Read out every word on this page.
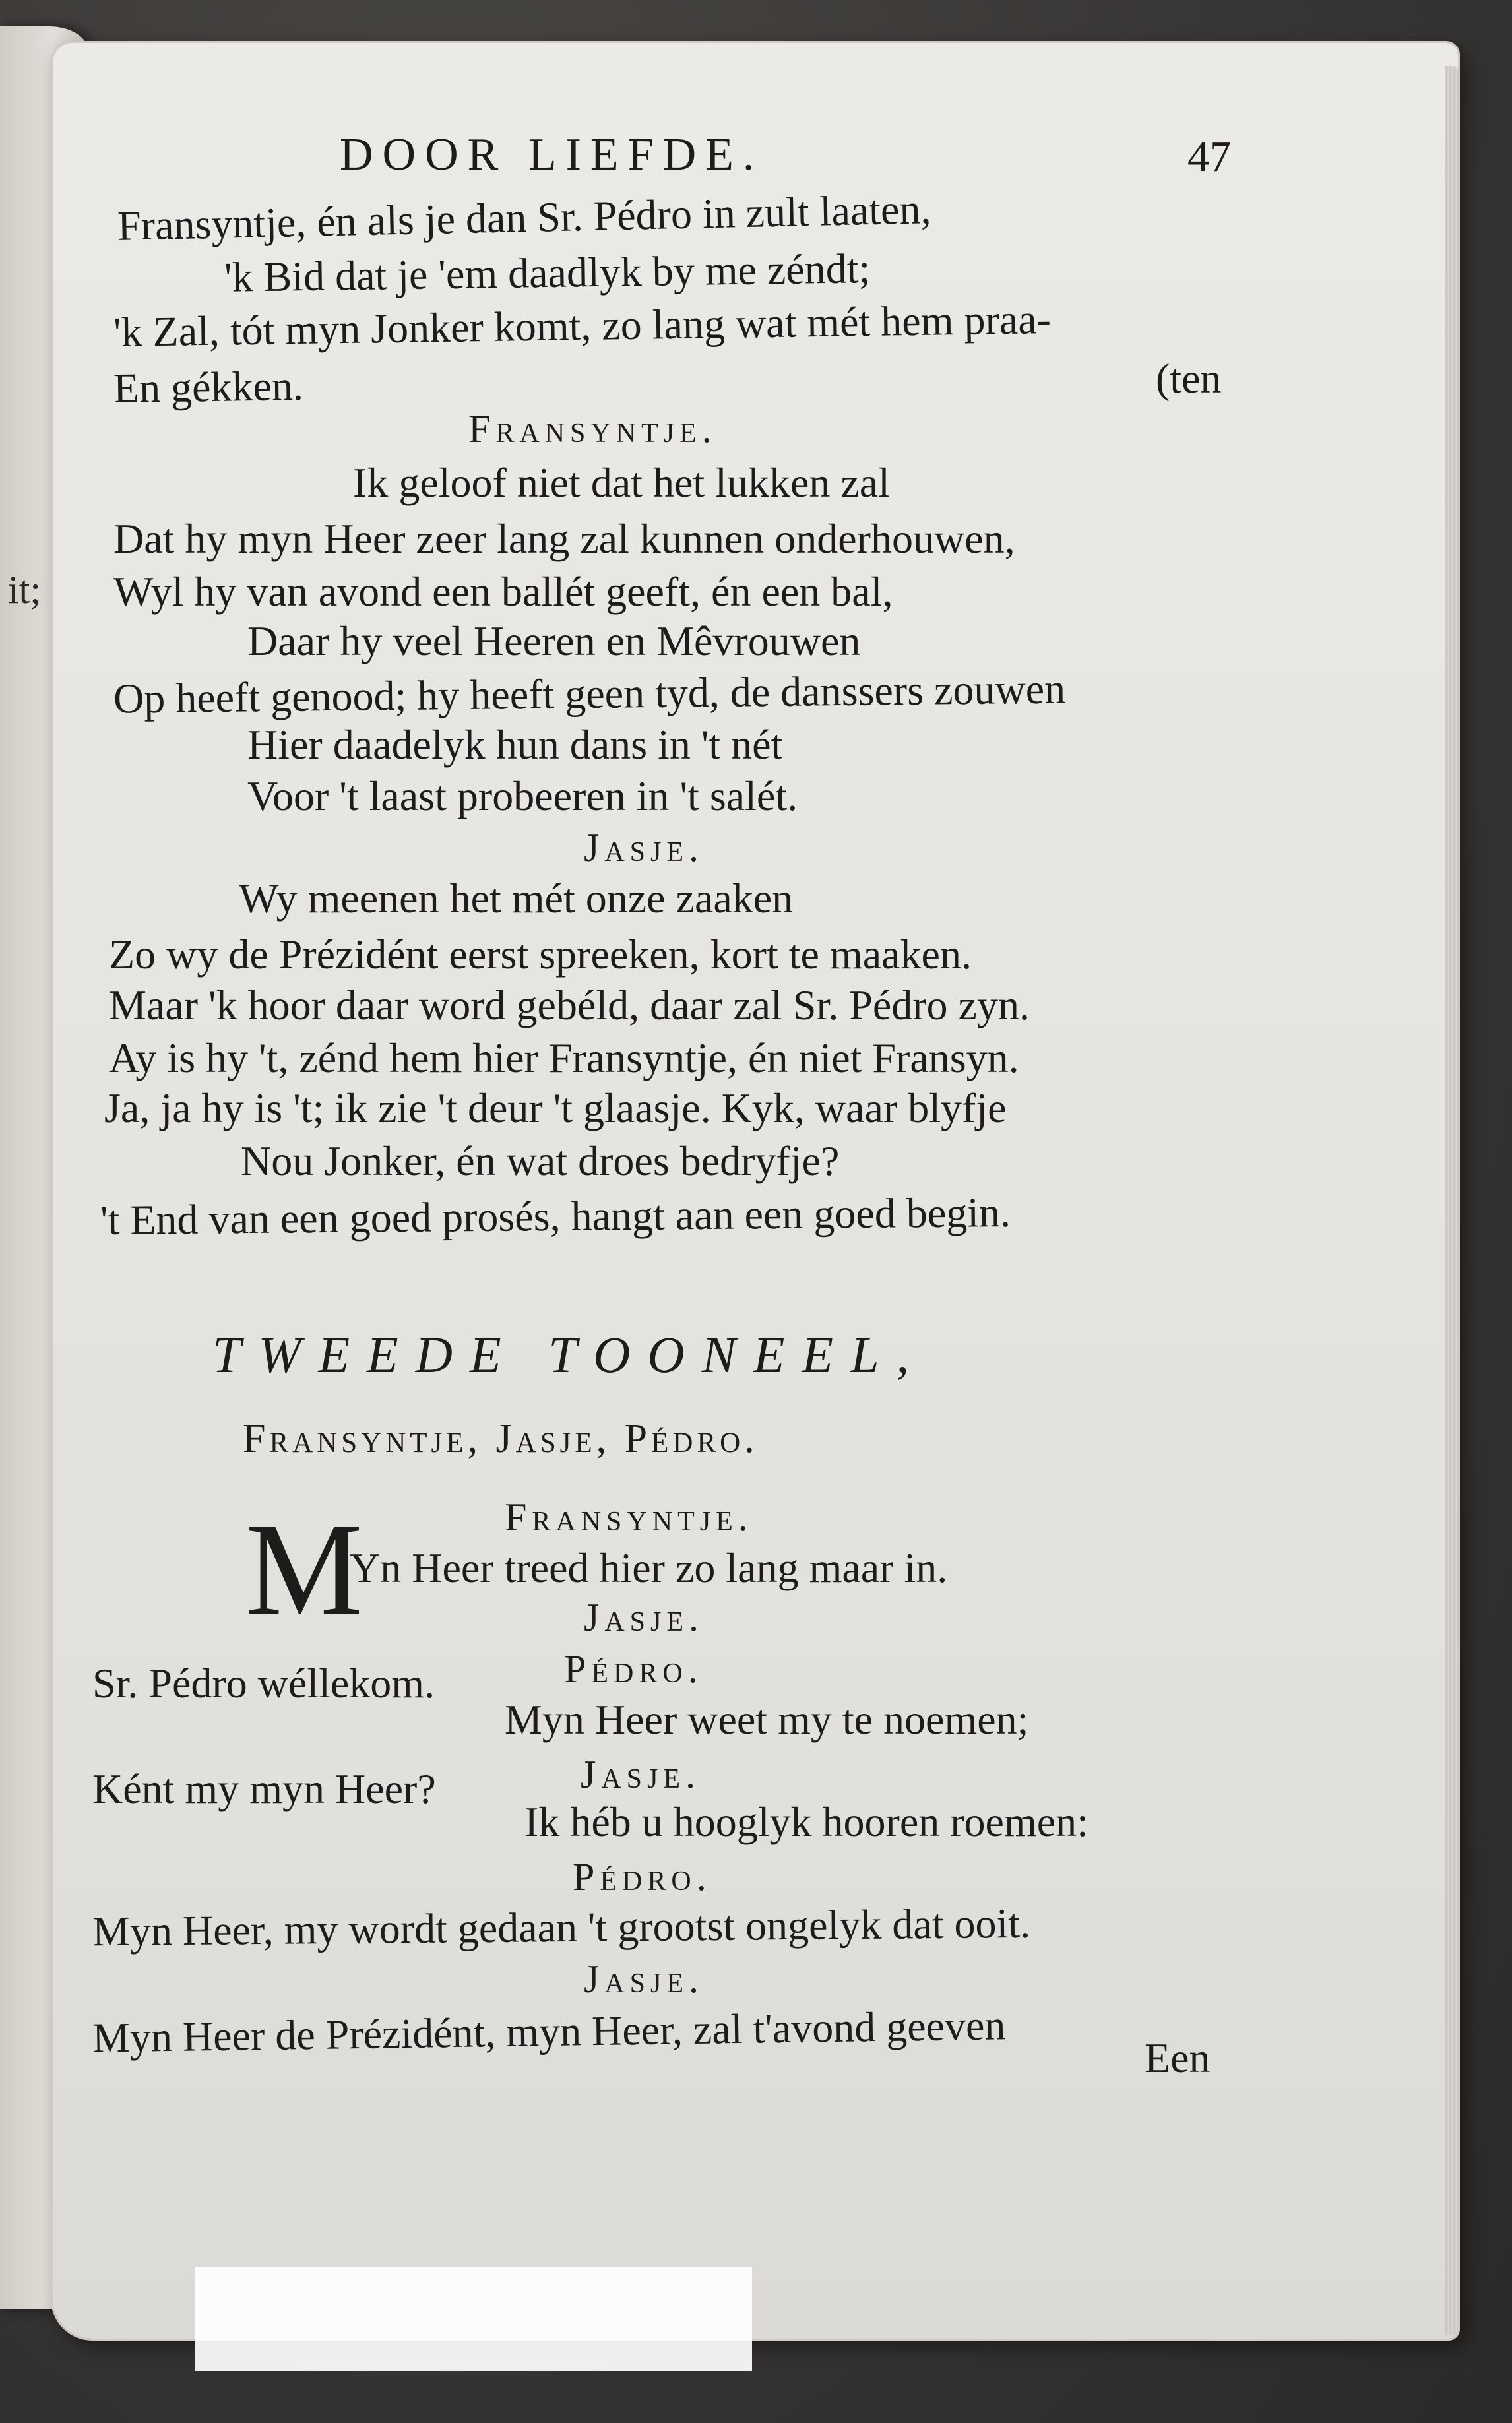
it;
DOOR LIEFDE.	47
Fransyntje, én als je dan Sr. Pédro in zult laaten,
'k Bid dat je 'em daadlyk by me zéndt;
'k Zal, tót myn Jonker komt, zo lang wat mét hem praa-
En gékken.	(ten
Fransyntje.
Ik geloof niet dat het lukken zal
Dat hy myn Heer zeer lang zal kunnen onderhouwen,
Wyl hy van avond een ballét geeft, én een bal,
Daar hy veel Heeren en Mêvrouwen
Op heeft genood; hy heeft geen tyd, de danssers zouwen
Hier daadelyk hun dans in 't nét
Voor 't laast probeeren in 't salét.
Jasje.
Wy meenen het mét onze zaaken
Zo wy de Prézidént eerst spreeken, kort te maaken.
Maar 'k hoor daar word gebéld, daar zal Sr. Pédro zyn.
Ay is hy 't, zénd hem hier Fransyntje, én niet Fransyn.
Ja, ja hy is 't; ik zie 't deur 't glaasje. Kyk, waar blyfje
Nou Jonker, én wat droes bedryfje?
't End van een goed prosés, hangt aan een goed begin.
TWEEDE TOONEEL,
Fransyntje, Jasje, Pédro.
Fransyntje.
M
Yn Heer treed hier zo lang maar in.
Jasje.
Sr. Pédro wéllekom.	Pédro.
Myn Heer weet my te noemen;
Ként my myn Heer?	Jasje.
Ik héb u hooglyk hooren roemen:
Pédro.
Myn Heer, my wordt gedaan 't grootst ongelyk dat ooit.
Jasje.
Myn Heer de Prézidént, myn Heer, zal t'avond geeven	Een
